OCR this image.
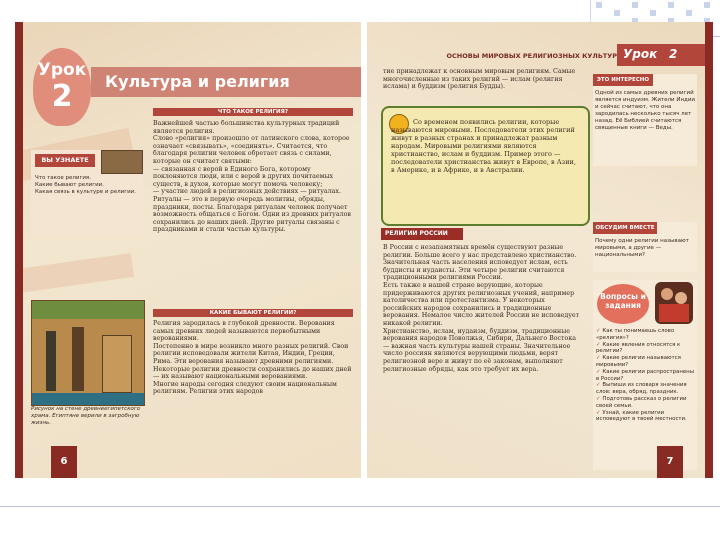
Урок
2	Культура и религия
ЧТО ТАКОЕ РЕЛИГИЯ?
ВЫ УЗНАЕТЕ
Что такое религия.
Какие бывают религии.
Какая связь в культуре и религии.
Важнейшей частью большинства культурных традиций является религия.
Слово «религия» произошло от латинского слова, которое означает «связывать», «соединять». Считается, что благодаря религии человек обретает связь с силами, которые он считает святыми:
— связанная с верой в Единого Бога, которому поклоняются люди, или с верой в других почитаемых существ, в духов, которые могут помочь человеку;
— участие людей в религиозных действиях — ритуалах. Ритуалы — это в первую очередь молитвы, обряды, праздники, посты. Благодаря ритуалам человек получает возможность общаться с Богом. Одни из древних ритуалов сохранились до наших дней. Другие ритуалы связаны с праздниками и стали частью культуры.
КАКИЕ БЫВАЮТ РЕЛИГИИ?
Рисунок на стене древнеегипетского храма. Египтяне верили в загробную жизнь.
Религия зародилась в глубокой древности. Верования самых древних людей называются первобытными верованиями.
Постепенно в мире возникло много разных религий. Свои религии исповедовали жители Китая, Индии, Греции, Рима. Эти верования называют древними религиями.
Некоторые религии древности сохранились до наших дней — их называют национальными верованиями.
Многие народы сегодня следуют своим национальным религиям. Религии этих народов
6
ОСНОВЫ МИРОВЫХ РЕЛИГИОЗНЫХ КУЛЬТУР Урок 2
тие принадлежат к основным мировым религиям. Самые многочисленные из таких религий — ислам (религия ислама) и буддизм (религия Будды).
Со временем появились религии, которые называются мировыми. Последователи этих религий живут в разных странах и принадлежат разным народам. Мировыми религиями являются христианство, ислам и буддизм. Пример этого — последователи христианства живут в Европе, в Азии, в Америке, и в Африке, и в Австралии.
РЕЛИГИИ РОССИИ
В России с незапамятных времён существуют разные религии. Больше всего у нас представлено христианство. Значительная часть населения исповедует ислам, есть буддисты и иудаисты. Эти четыре религии считаются традиционными религиями России.
Есть также в нашей стране верующие, которые придерживаются других религиозных учений, например католичества или протестантизма. У некоторых российских народов сохранились и традиционные верования. Немалое число жителей России не исповедует никакой религии.
Христианство, ислам, иудаизм, буддизм, традиционные верования народов Поволжья, Сибири, Дальнего Востока — важная часть культуры нашей страны. Значительное число россиян являются верующими людьми, верят религиозной вере и живут по её законам, выполняют религиозные обряды, как это требует их вера.
ЭТО ИНТЕРЕСНО
Одной из самых древних религий является индуизм. Жители Индии и сейчас считают, что она зародилась несколько тысяч лет назад. Её Библией считаются священные книги — Веды.
ОБСУДИМ ВМЕСТЕ
Почему одни религии называют мировыми, а другие — национальными?
Вопросы и задания
✓ Как ты понимаешь слово «религия»?
✓ Какие явления относятся к религии?
✓ Какие религии называются мировыми?
✓ Какие религии распространены в России?
✓ Выпиши из словаря значения слов: вера, обряд, праздник.
✓ Подготовь рассказ о религии своей семьи.
✓ Узнай, какие религии исповедуют в твоей местности.
7
